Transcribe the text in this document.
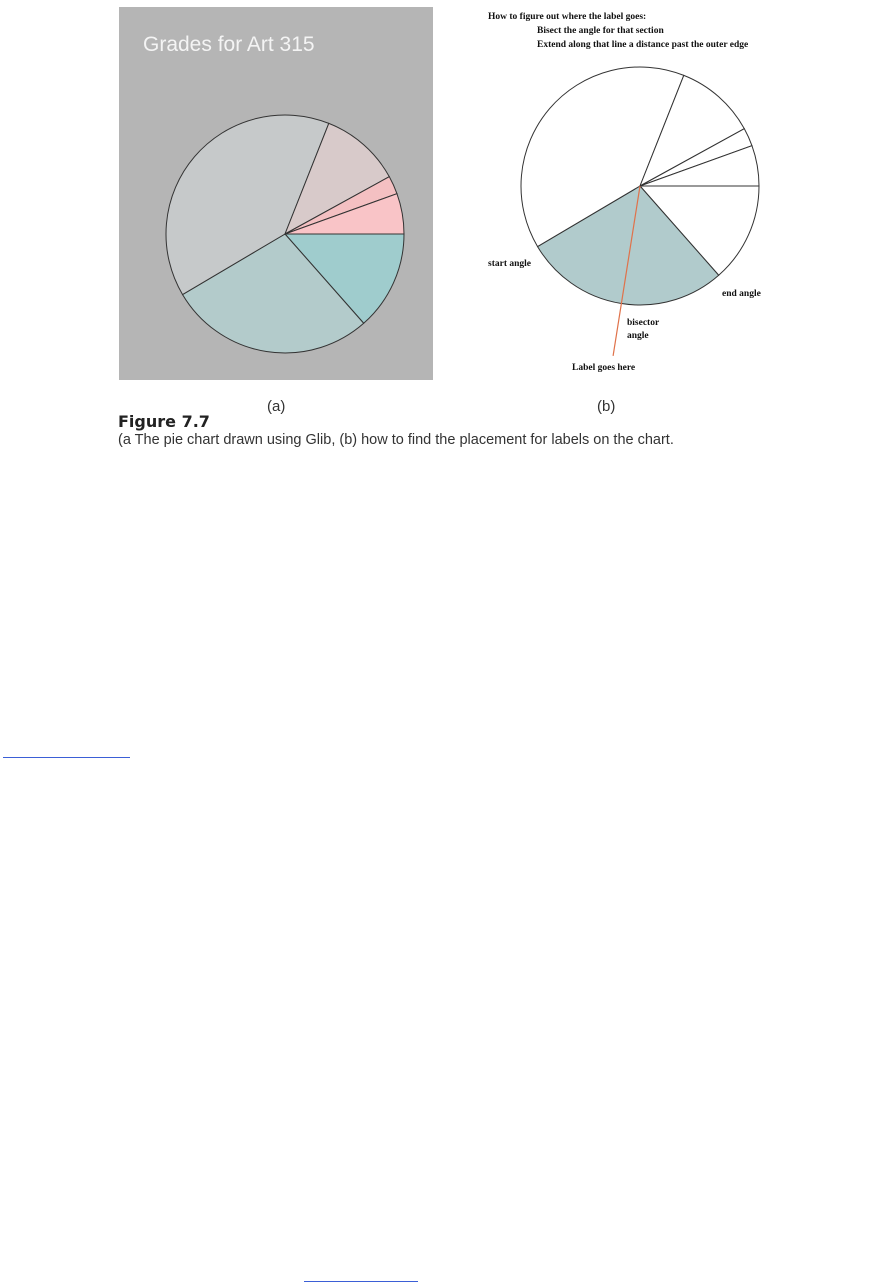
Grades for Art 315
How to figure out where the label goes:
Bisect the angle for that section
Extend along that line a distance past the outer edge
start angle
end angle
bisector
angle
Label goes here
(a)	(b)
Figure 7.7
(a The pie chart drawn using Glib, (b) how to find the placement for labels on the chart.
